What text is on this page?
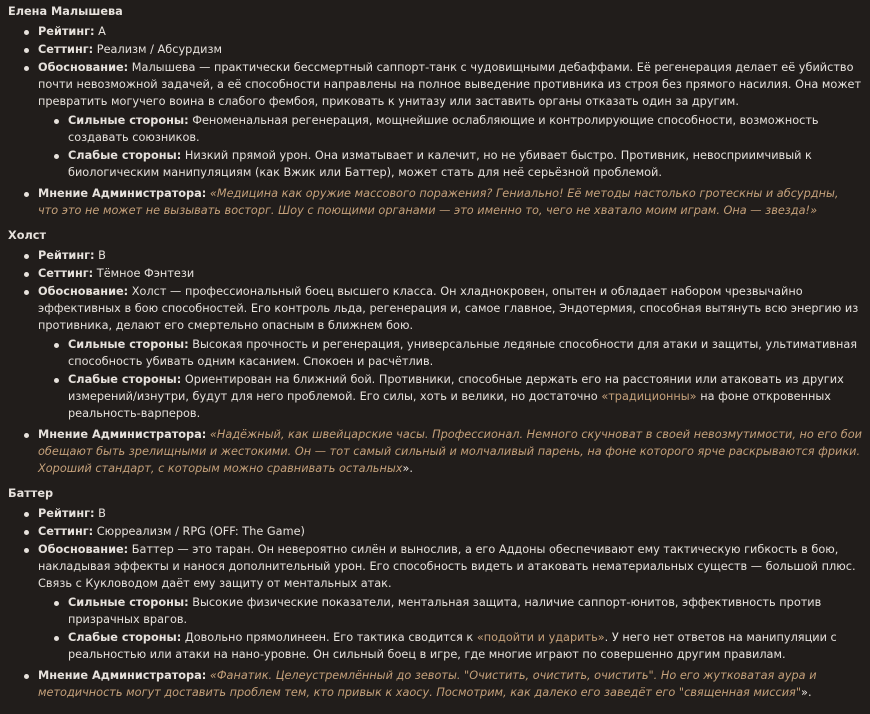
Елена Малышева
Рейтинг: A
Сеттинг: Реализм / Абсурдизм
Обоснование: Малышева — практически бессмертный саппорт-танк с чудовищными дебаффами. Её регенерация делает её убийство почти невозможной задачей, а её способности направлены на полное выведение противника из строя без прямого насилия. Она может превратить могучего воина в слабого фембоя, приковать к унитазу или заставить органы отказать один за другим.
Сильные стороны: Феноменальная регенерация, мощнейшие ослабляющие и контролирующие способности, возможность создавать союзников.
Слабые стороны: Низкий прямой урон. Она изматывает и калечит, но не убивает быстро. Противник, невосприимчивый к биологическим манипуляциям (как Вжик или Баттер), может стать для неё серьёзной проблемой.
Мнение Администратора: «Медицина как оружие массового поражения? Гениально! Её методы настолько гротескны и абсурдны, что это не может не вызывать восторг. Шоу с поющими органами — это именно то, чего не хватало моим играм. Она — звезда!»
Холст
Рейтинг: B
Сеттинг: Тёмное Фэнтези
Обоснование: Холст — профессиональный боец высшего класса. Он хладнокровен, опытен и обладает набором чрезвычайно эффективных в бою способностей. Его контроль льда, регенерация и, самое главное, Эндотермия, способная вытянуть всю энергию из противника, делают его смертельно опасным в ближнем бою.
Сильные стороны: Высокая прочность и регенерация, универсальные ледяные способности для атаки и защиты, ультимативная способность убивать одним касанием. Спокоен и расчётлив.
Слабые стороны: Ориентирован на ближний бой. Противники, способные держать его на расстоянии или атаковать из других измерений/изнутри, будут для него проблемой. Его силы, хоть и велики, но достаточно «традиционны» на фоне откровенных реальность-варперов.
Мнение Администратора: «Надёжный, как швейцарские часы. Профессионал. Немного скучноват в своей невозмутимости, но его бои обещают быть зрелищными и жестокими. Он — тот самый сильный и молчаливый парень, на фоне которого ярче раскрываются фрики. Хороший стандарт, с которым можно сравнивать остальных».
Баттер
Рейтинг: B
Сеттинг: Сюрреализм / RPG (OFF: The Game)
Обоснование: Баттер — это таран. Он невероятно силён и вынослив, а его Аддоны обеспечивают ему тактическую гибкость в бою, накладывая эффекты и нанося дополнительный урон. Его способность видеть и атаковать нематериальных существ — большой плюс. Связь с Кукловодом даёт ему защиту от ментальных атак.
Сильные стороны: Высокие физические показатели, ментальная защита, наличие саппорт-юнитов, эффективность против призрачных врагов.
Слабые стороны: Довольно прямолинеен. Его тактика сводится к «подойти и ударить». У него нет ответов на манипуляции с реальностью или атаки на нано-уровне. Он сильный боец в игре, где многие играют по совершенно другим правилам.
Мнение Администратора: «Фанатик. Целеустремлённый до зевоты. "Очистить, очистить, очистить". Но его жутковатая аура и методичность могут доставить проблем тем, кто привык к хаосу. Посмотрим, как далеко его заведёт его "священная миссия"».
